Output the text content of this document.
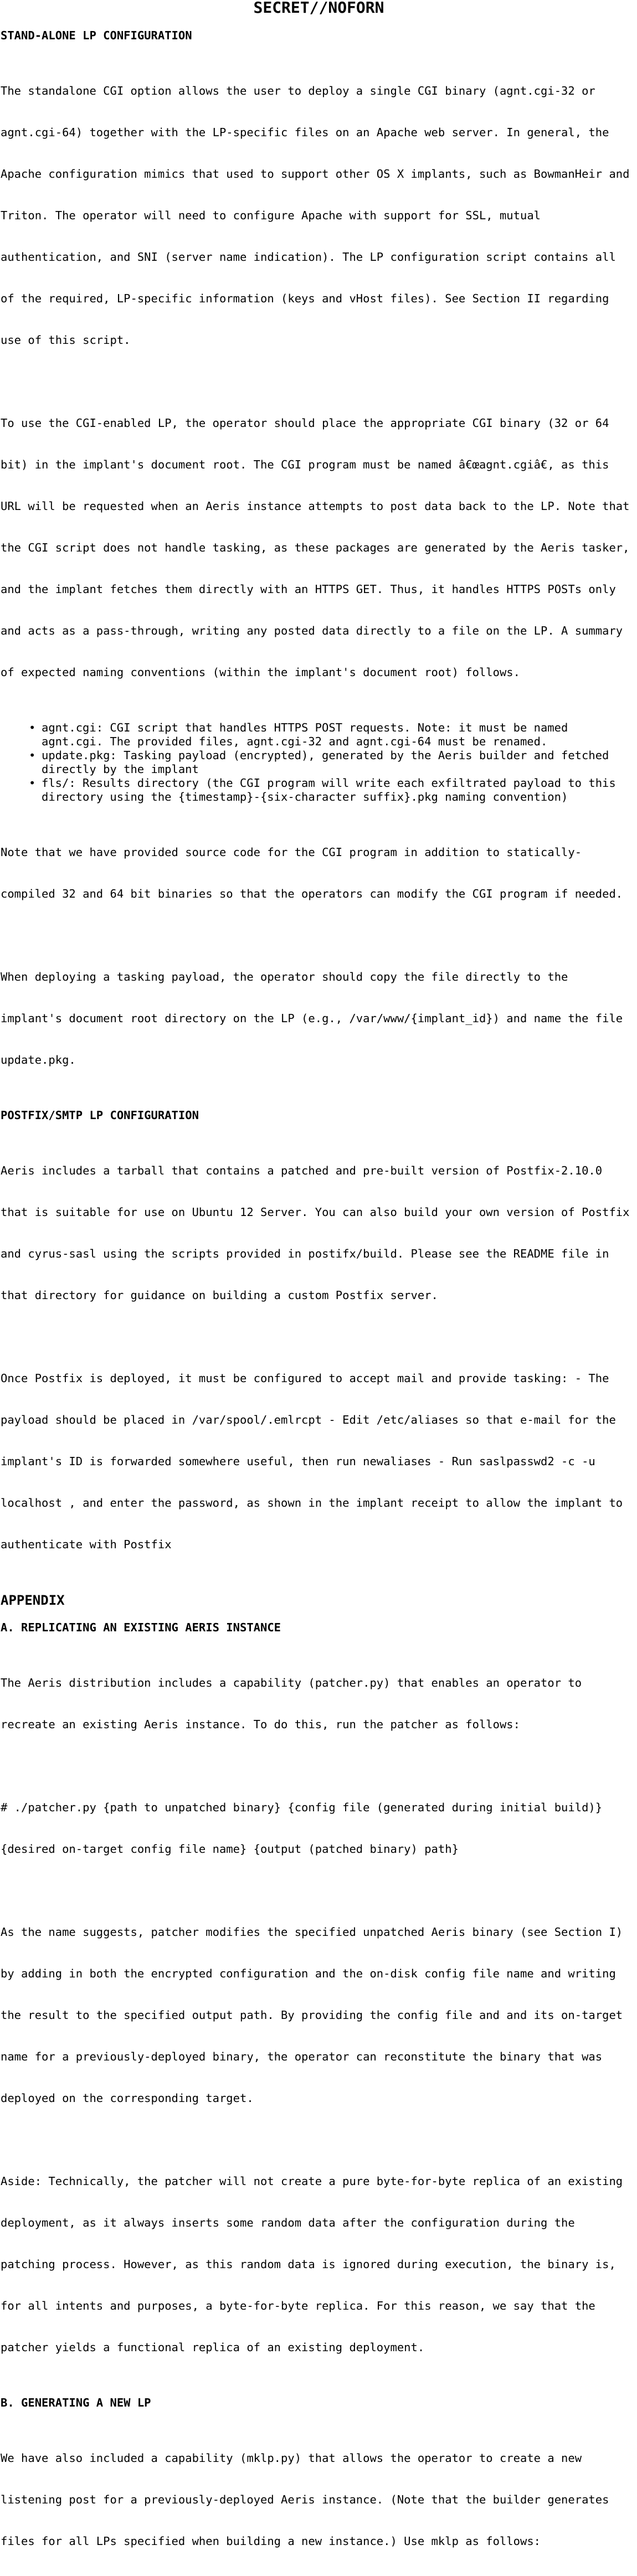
SECRET//NOFORN
STAND-ALONE LP CONFIGURATION

The standalone CGI option allows the user to deploy a single CGI binary (agnt.cgi-32 or

agnt.cgi-64) together with the LP-specific files on an Apache web server. In general, the

Apache configuration mimics that used to support other OS X implants, such as BowmanHeir and

Triton. The operator will need to configure Apache with support for SSL, mutual

authentication, and SNI (server name indication). The LP configuration script contains all

of the required, LP-specific information (keys and vHost files). See Section II regarding

use of this script.

To use the CGI-enabled LP, the operator should place the appropriate CGI binary (32 or 64

bit) in the implant's document root. The CGI program must be named â€œagnt.cgiâ€, as this

URL will be requested when an Aeris instance attempts to post data back to the LP. Note that

the CGI script does not handle tasking, as these packages are generated by the Aeris tasker,

and the implant fetches them directly with an HTTPS GET. Thus, it handles HTTPS POSTs only

and acts as a pass-through, writing any posted data directly to a file on the LP. A summary

of expected naming conventions (within the implant's document root) follows.

• agnt.cgi: CGI script that handles HTTPS POST requests. Note: it must be named
agnt.cgi. The provided files, agnt.cgi-32 and agnt.cgi-64 must be renamed.
• update.pkg: Tasking payload (encrypted), generated by the Aeris builder and fetched
directly by the implant
• fls/: Results directory (the CGI program will write each exfiltrated payload to this
directory using the {timestamp}-{six-character suffix}.pkg naming convention)

Note that we have provided source code for the CGI program in addition to statically-

compiled 32 and 64 bit binaries so that the operators can modify the CGI program if needed.

When deploying a tasking payload, the operator should copy the file directly to the

implant's document root directory on the LP (e.g., /var/www/{implant_id}) and name the file

update.pkg.

POSTFIX/SMTP LP CONFIGURATION

Aeris includes a tarball that contains a patched and pre-built version of Postfix-2.10.0

that is suitable for use on Ubuntu 12 Server. You can also build your own version of Postfix

and cyrus-sasl using the scripts provided in postifx/build. Please see the README file in

that directory for guidance on building a custom Postfix server.

Once Postfix is deployed, it must be configured to accept mail and provide tasking: - The

payload should be placed in /var/spool/.emlrcpt - Edit /etc/aliases so that e-mail for the

implant's ID is forwarded somewhere useful, then run newaliases - Run saslpasswd2 -c -u

localhost , and enter the password, as shown in the implant receipt to allow the implant to

authenticate with Postfix

APPENDIX
A. REPLICATING AN EXISTING AERIS INSTANCE

The Aeris distribution includes a capability (patcher.py) that enables an operator to

recreate an existing Aeris instance. To do this, run the patcher as follows:

# ./patcher.py {path to unpatched binary} {config file (generated during initial build)}

{desired on-target config file name} {output (patched binary) path}

As the name suggests, patcher modifies the specified unpatched Aeris binary (see Section I)

by adding in both the encrypted configuration and the on-disk config file name and writing

the result to the specified output path. By providing the config file and and its on-target

name for a previously-deployed binary, the operator can reconstitute the binary that was

deployed on the corresponding target.

Aside: Technically, the patcher will not create a pure byte-for-byte replica of an existing

deployment, as it always inserts some random data after the configuration during the

patching process. However, as this random data is ignored during execution, the binary is,

for all intents and purposes, a byte-for-byte replica. For this reason, we say that the

patcher yields a functional replica of an existing deployment.

B. GENERATING A NEW LP

We have also included a capability (mklp.py) that allows the operator to create a new

listening post for a previously-deployed Aeris instance. (Note that the builder generates

files for all LPs specified when building a new instance.) Use mklp as follows:
